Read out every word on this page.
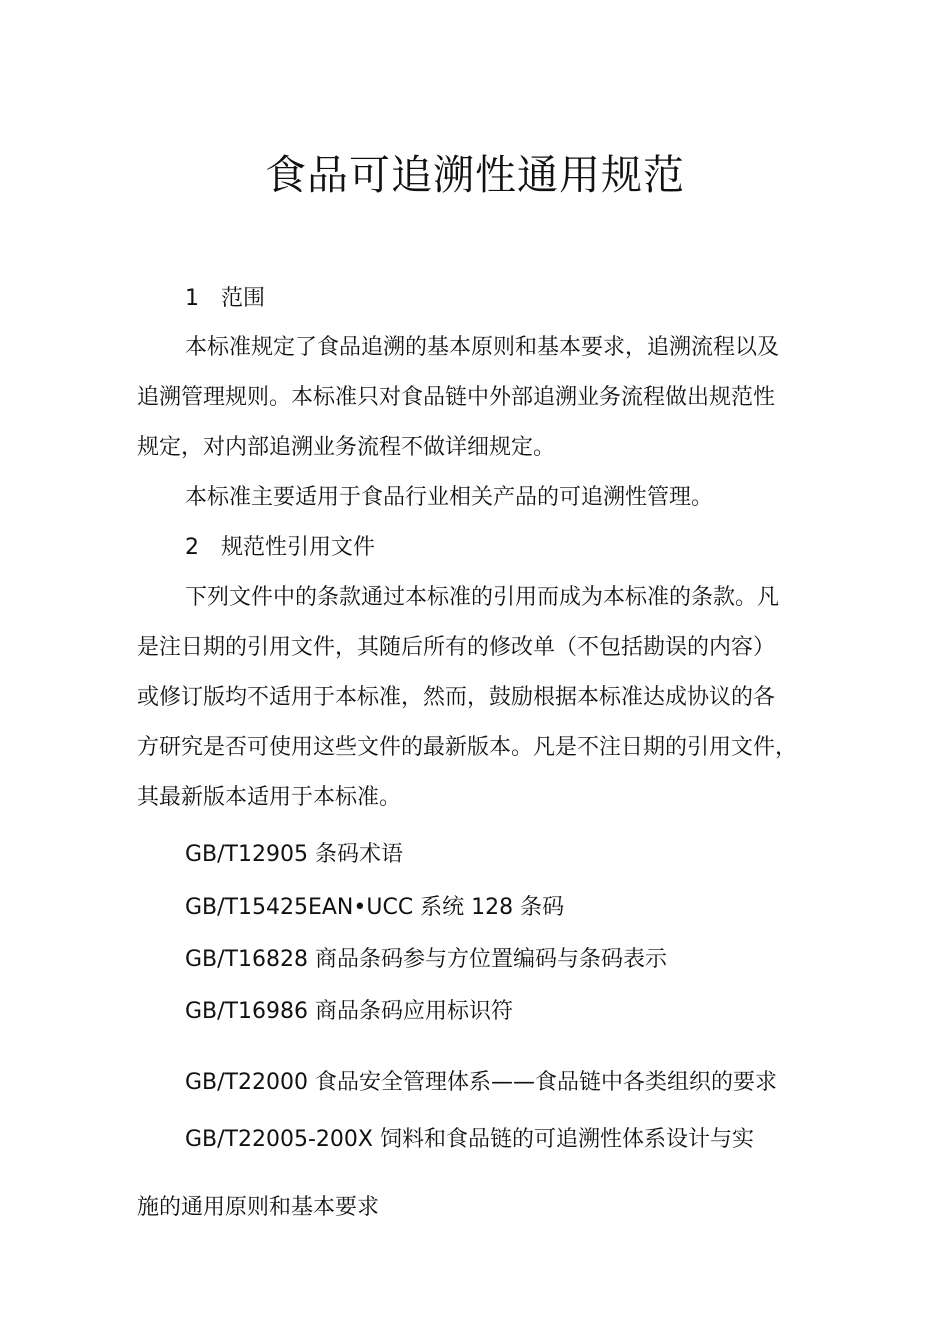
食品可追溯性通用规范
1 范围
本标准规定了食品追溯的基本原则和基本要求，追溯流程以及
追溯管理规则。本标准只对食品链中外部追溯业务流程做出规范性
规定，对内部追溯业务流程不做详细规定。
本标准主要适用于食品行业相关产品的可追溯性管理。
2 规范性引用文件
下列文件中的条款通过本标准的引用而成为本标准的条款。凡
是注日期的引用文件，其随后所有的修改单（不包括勘误的内容）
或修订版均不适用于本标准，然而，鼓励根据本标准达成协议的各
方研究是否可使用这些文件的最新版本。凡是不注日期的引用文件，
其最新版本适用于本标准。
GB/T12905 条码术语
GB/T15425EAN•UCC 系统 128 条码
GB/T16828 商品条码参与方位置编码与条码表示
GB/T16986 商品条码应用标识符
GB/T22000 食品安全管理体系——食品链中各类组织的要求
GB/T22005-200X 饲料和食品链的可追溯性体系设计与实
施的通用原则和基本要求
